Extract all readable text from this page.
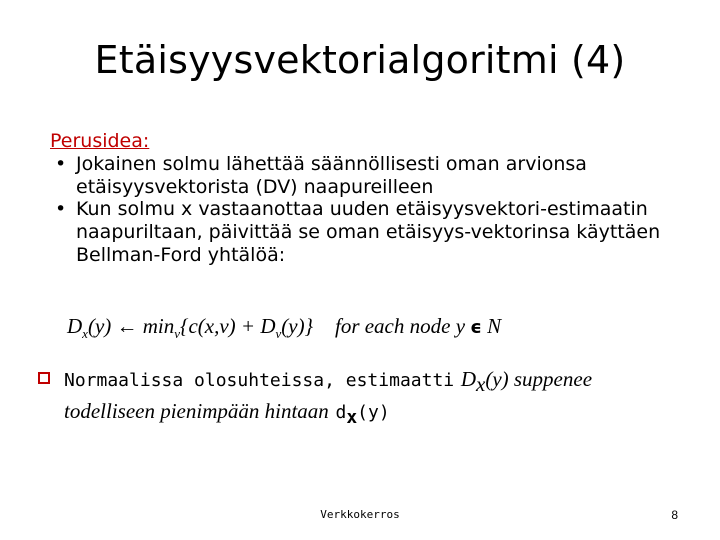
Etäisyysvektorialgoritmi (4)
Perusidea:
• Jokainen solmu lähettää säännöllisesti oman arvionsa
etäisyysvektorista (DV) naapureilleen
• Kun solmu x vastaanottaa uuden etäisyysvektori-estimaatin
naapuriltaan, päivittää se oman etäisyys-vektorinsa käyttäen
Bellman-Ford yhtälöä:
$D_x(y)$ ← $\min_v\{c(x,v) + D_v(y)\}$ for each node y ϵ N
Normaalissa olosuhteissa, estimaatti $D_x(y)$ suppenee
todelliseen pienimpään hintaan $d_x(y)$
Verkkokerros	8
